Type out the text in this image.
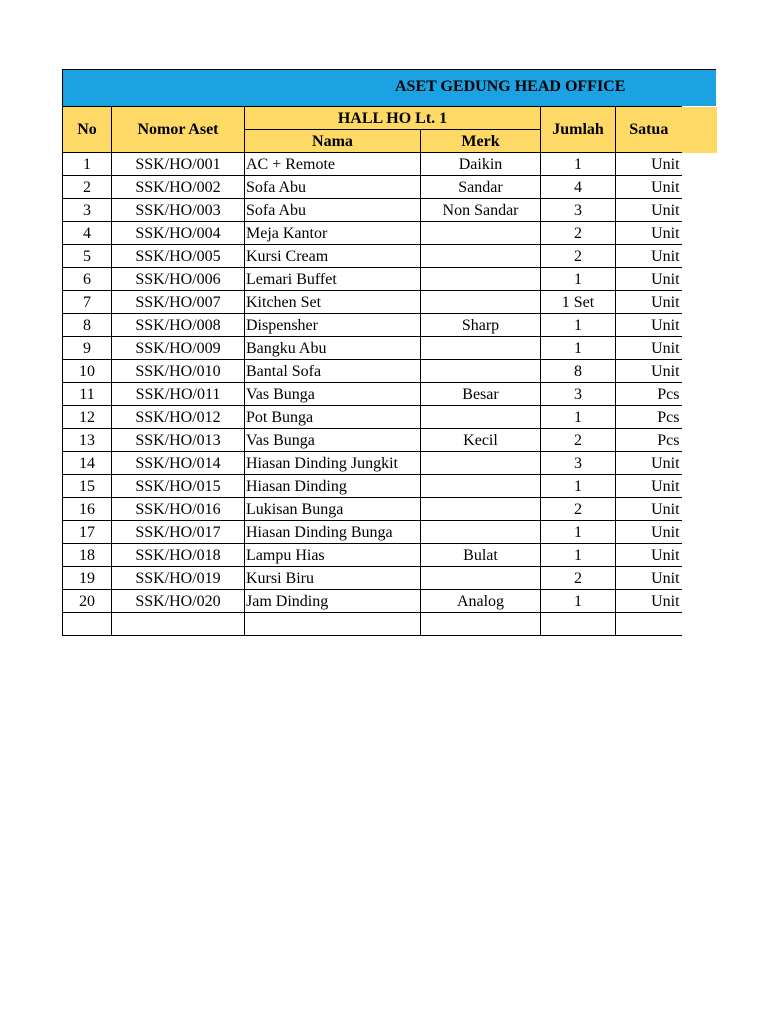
ASET GEDUNG HEAD OFFICE
No	Nomor Aset	HALL HO Lt. 1		Jumlah	Satua	
		Nama	Merk			
1	SSK/HO/001	AC + Remote	Daikin	1	Unit	
2	SSK/HO/002	Sofa Abu	Sandar	4	Unit	
3	SSK/HO/003	Sofa Abu	Non Sandar	3	Unit	
4	SSK/HO/004	Meja Kantor		2	Unit	
5	SSK/HO/005	Kursi Cream		2	Unit	
6	SSK/HO/006	Lemari Buffet		1	Unit	
7	SSK/HO/007	Kitchen Set		1 Set	Unit	
8	SSK/HO/008	Dispensher	Sharp	1	Unit	
9	SSK/HO/009	Bangku Abu		1	Unit	
10	SSK/HO/010	Bantal Sofa		8	Unit	
11	SSK/HO/011	Vas Bunga	Besar	3	Pcs	
12	SSK/HO/012	Pot Bunga		1	Pcs	
13	SSK/HO/013	Vas Bunga	Kecil	2	Pcs	
14	SSK/HO/014	Hiasan Dinding Jungkit		3	Unit	
15	SSK/HO/015	Hiasan Dinding		1	Unit	
16	SSK/HO/016	Lukisan Bunga		2	Unit	
17	SSK/HO/017	Hiasan Dinding Bunga		1	Unit	
18	SSK/HO/018	Lampu Hias	Bulat	1	Unit	
19	SSK/HO/019	Kursi Biru		2	Unit	
20	SSK/HO/020	Jam Dinding	Analog	1	Unit	
